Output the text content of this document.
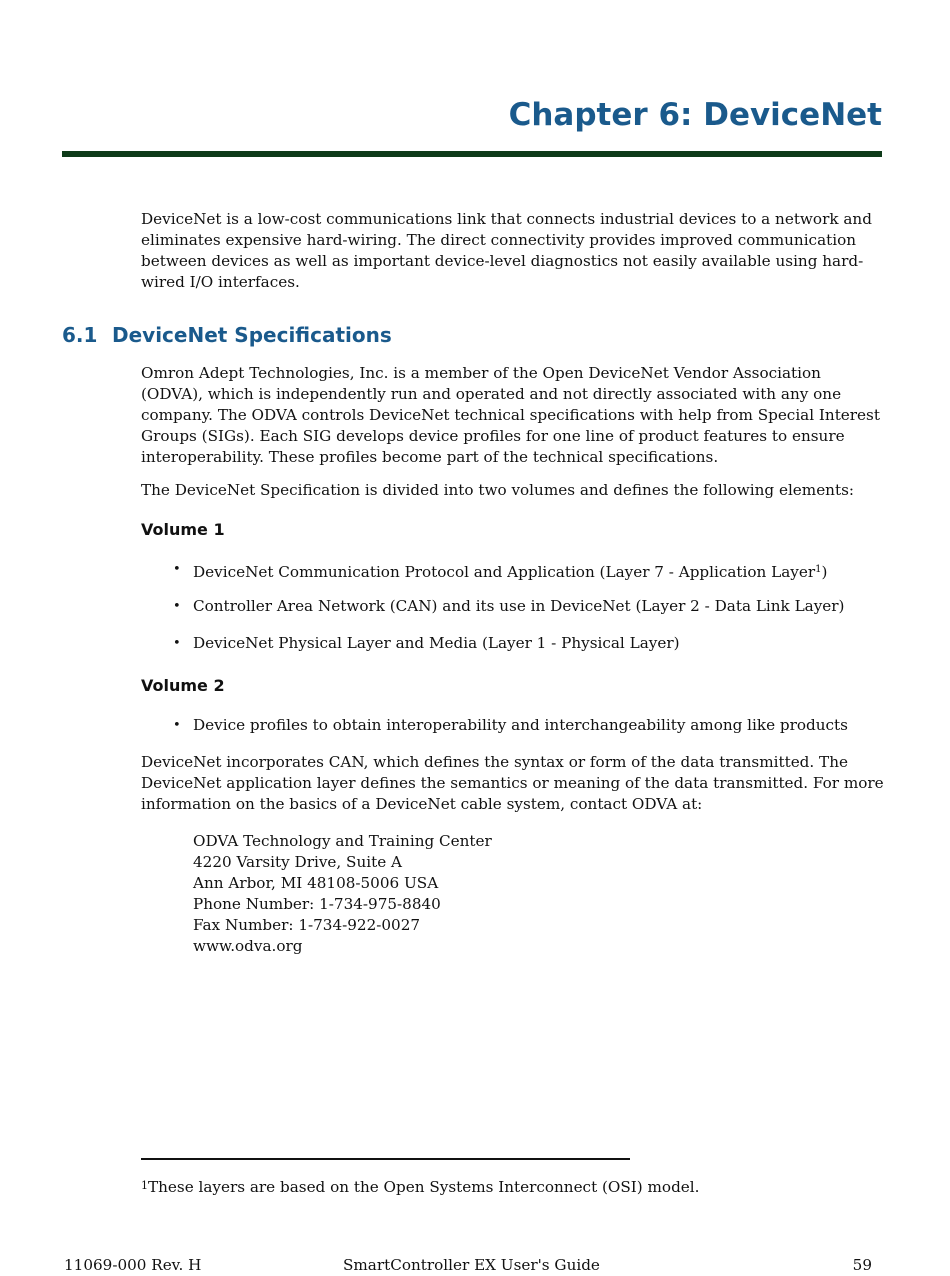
Chapter 6: DeviceNet

DeviceNet is a low-cost communications link that connects industrial devices to a network and eliminates expensive hard-wiring. The direct connectivity provides improved communication between devices as well as important device-level diagnostics not easily available using hard-wired I/O interfaces.

6.1 DeviceNet Specifications

Omron Adept Technologies, Inc. is a member of the Open DeviceNet Vendor Association (ODVA), which is independently run and operated and not directly associated with any one company. The ODVA controls DeviceNet technical specifications with help from Special Interest Groups (SIGs). Each SIG develops device profiles for one line of product features to ensure interoperability. These profiles become part of the technical specifications.

The DeviceNet Specification is divided into two volumes and defines the following elements:

Volume 1
• DeviceNet Communication Protocol and Application (Layer 7 - Application Layer$^1$)
• Controller Area Network (CAN) and its use in DeviceNet (Layer 2 - Data Link Layer)
• DeviceNet Physical Layer and Media (Layer 1 - Physical Layer)
Volume 2
• Device profiles to obtain interoperability and interchangeability among like products

DeviceNet incorporates CAN, which defines the syntax or form of the data transmitted. The DeviceNet application layer defines the semantics or meaning of the data transmitted. For more information on the basics of a DeviceNet cable system, contact ODVA at:

ODVA Technology and Training Center
4220 Varsity Drive, Suite A
Ann Arbor, MI 48108-5006 USA
Phone Number: 1-734-975-8840
Fax Number: 1-734-922-0027
www.odva.org

1These layers are based on the Open Systems Interconnect (OSI) model.

11069-000 Rev. H	SmartController EX User's Guide	59
